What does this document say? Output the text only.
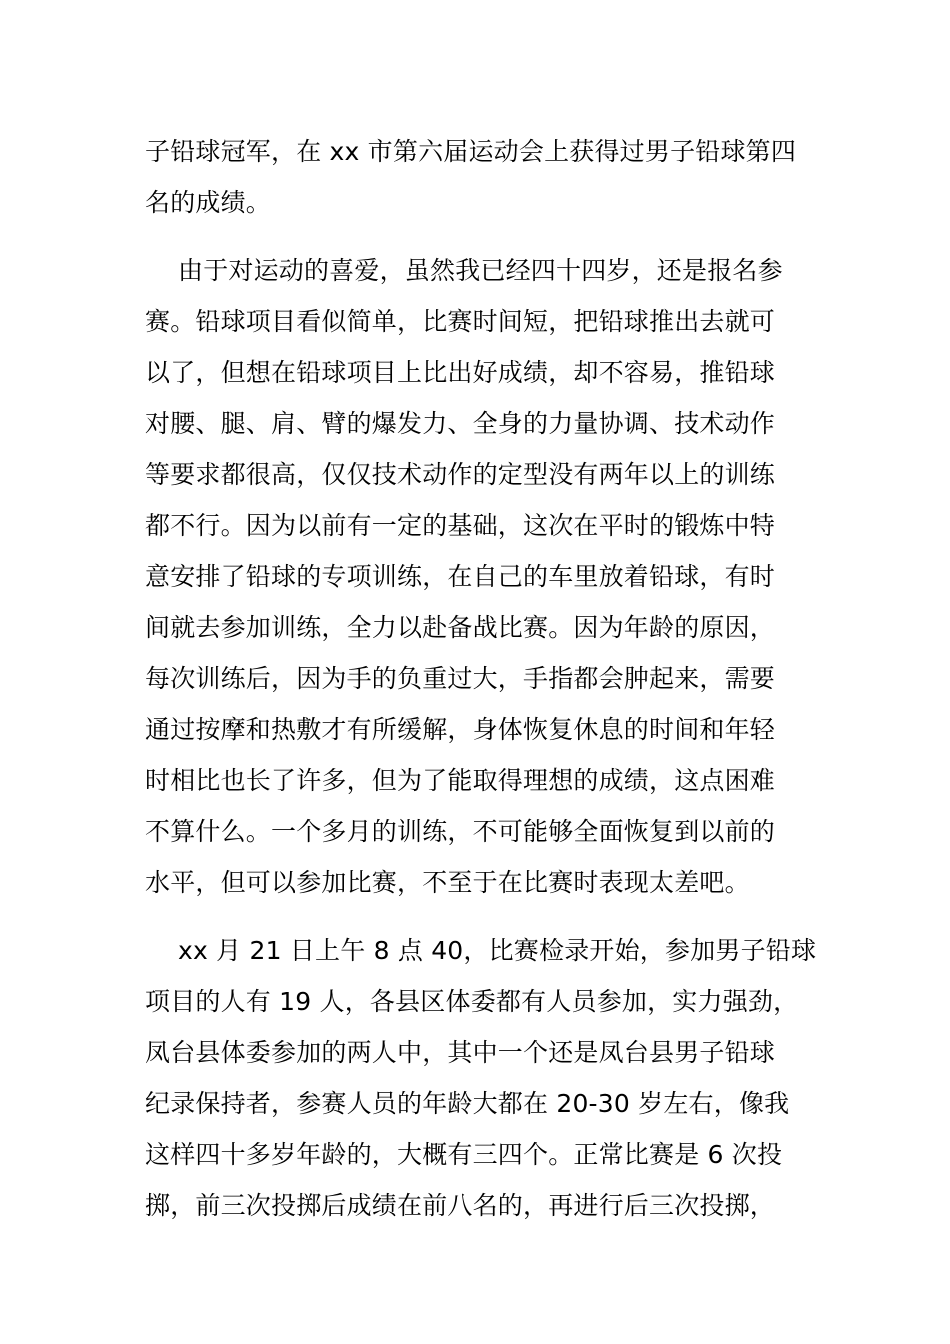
子铅球冠军，在 xx 市第六届运动会上获得过男子铅球第四
名的成绩。
由于对运动的喜爱，虽然我已经四十四岁，还是报名参
赛。铅球项目看似简单，比赛时间短，把铅球推出去就可
以了，但想在铅球项目上比出好成绩，却不容易，推铅球
对腰、腿、肩、臂的爆发力、全身的力量协调、技术动作
等要求都很高，仅仅技术动作的定型没有两年以上的训练
都不行。因为以前有一定的基础，这次在平时的锻炼中特
意安排了铅球的专项训练，在自己的车里放着铅球，有时
间就去参加训练，全力以赴备战比赛。因为年龄的原因，
每次训练后，因为手的负重过大，手指都会肿起来，需要
通过按摩和热敷才有所缓解，身体恢复休息的时间和年轻
时相比也长了许多，但为了能取得理想的成绩，这点困难
不算什么。一个多月的训练，不可能够全面恢复到以前的
水平，但可以参加比赛，不至于在比赛时表现太差吧。
xx 月 21 日上午 8 点 40，比赛检录开始，参加男子铅球
项目的人有 19 人，各县区体委都有人员参加，实力强劲，
凤台县体委参加的两人中，其中一个还是凤台县男子铅球
纪录保持者，参赛人员的年龄大都在 20-30 岁左右，像我
这样四十多岁年龄的，大概有三四个。正常比赛是 6 次投
掷，前三次投掷后成绩在前八名的，再进行后三次投掷，
